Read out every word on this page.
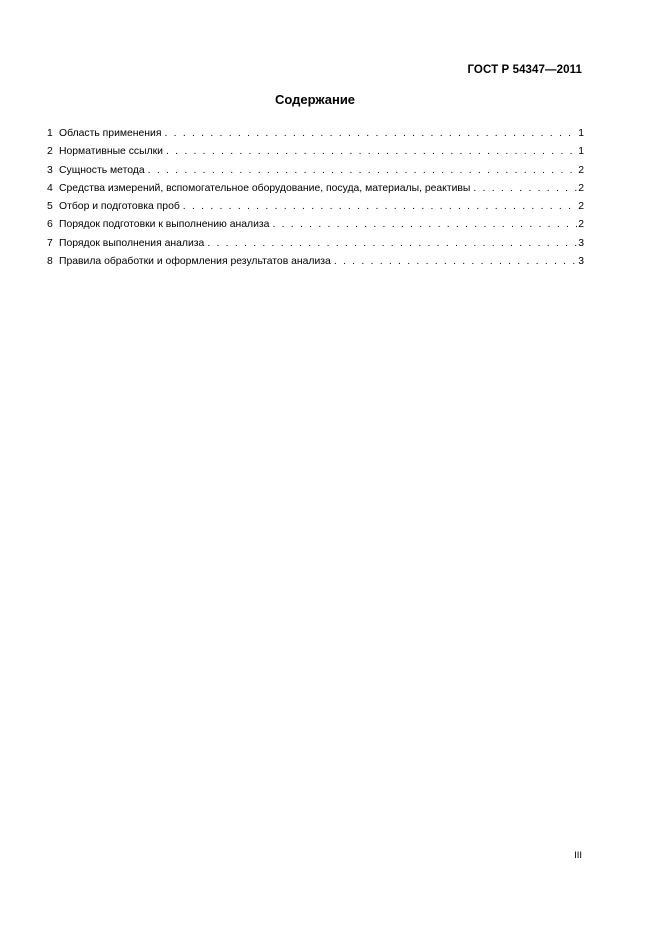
ГОСТ Р 54347—2011
Содержание
1 Область применения . . .	1
2 Нормативные ссылки . . .	1
3 Сущность метода . . .	2
4 Средства измерений, вспомогательное оборудование, посуда, материалы, реактивы . . .	2
5 Отбор и подготовка проб . . .	2
6 Порядок подготовки к выполнению анализа . . .	2
7 Порядок выполнения анализа . . .	3
8 Правила обработки и оформления результатов анализа . . .	3
III
